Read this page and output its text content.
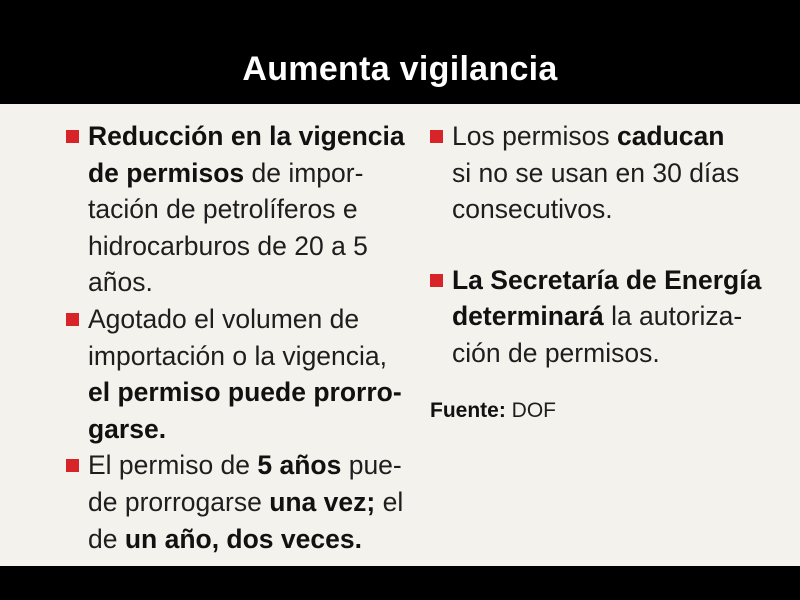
Aumenta vigilancia
Reducción en la vigencia
de permisos de impor-
tación de petrolíferos e
hidrocarburos de 20 a 5
años.
Agotado el volumen de
importación o la vigencia,
el permiso puede prorro-
garse.
El permiso de 5 años pue-
de prorrogarse una vez; el
de un año, dos veces.
Los permisos caducan
si no se usan en 30 días
consecutivos.
La Secretaría de Energía
determinará la autoriza-
ción de permisos.
Fuente: DOF
